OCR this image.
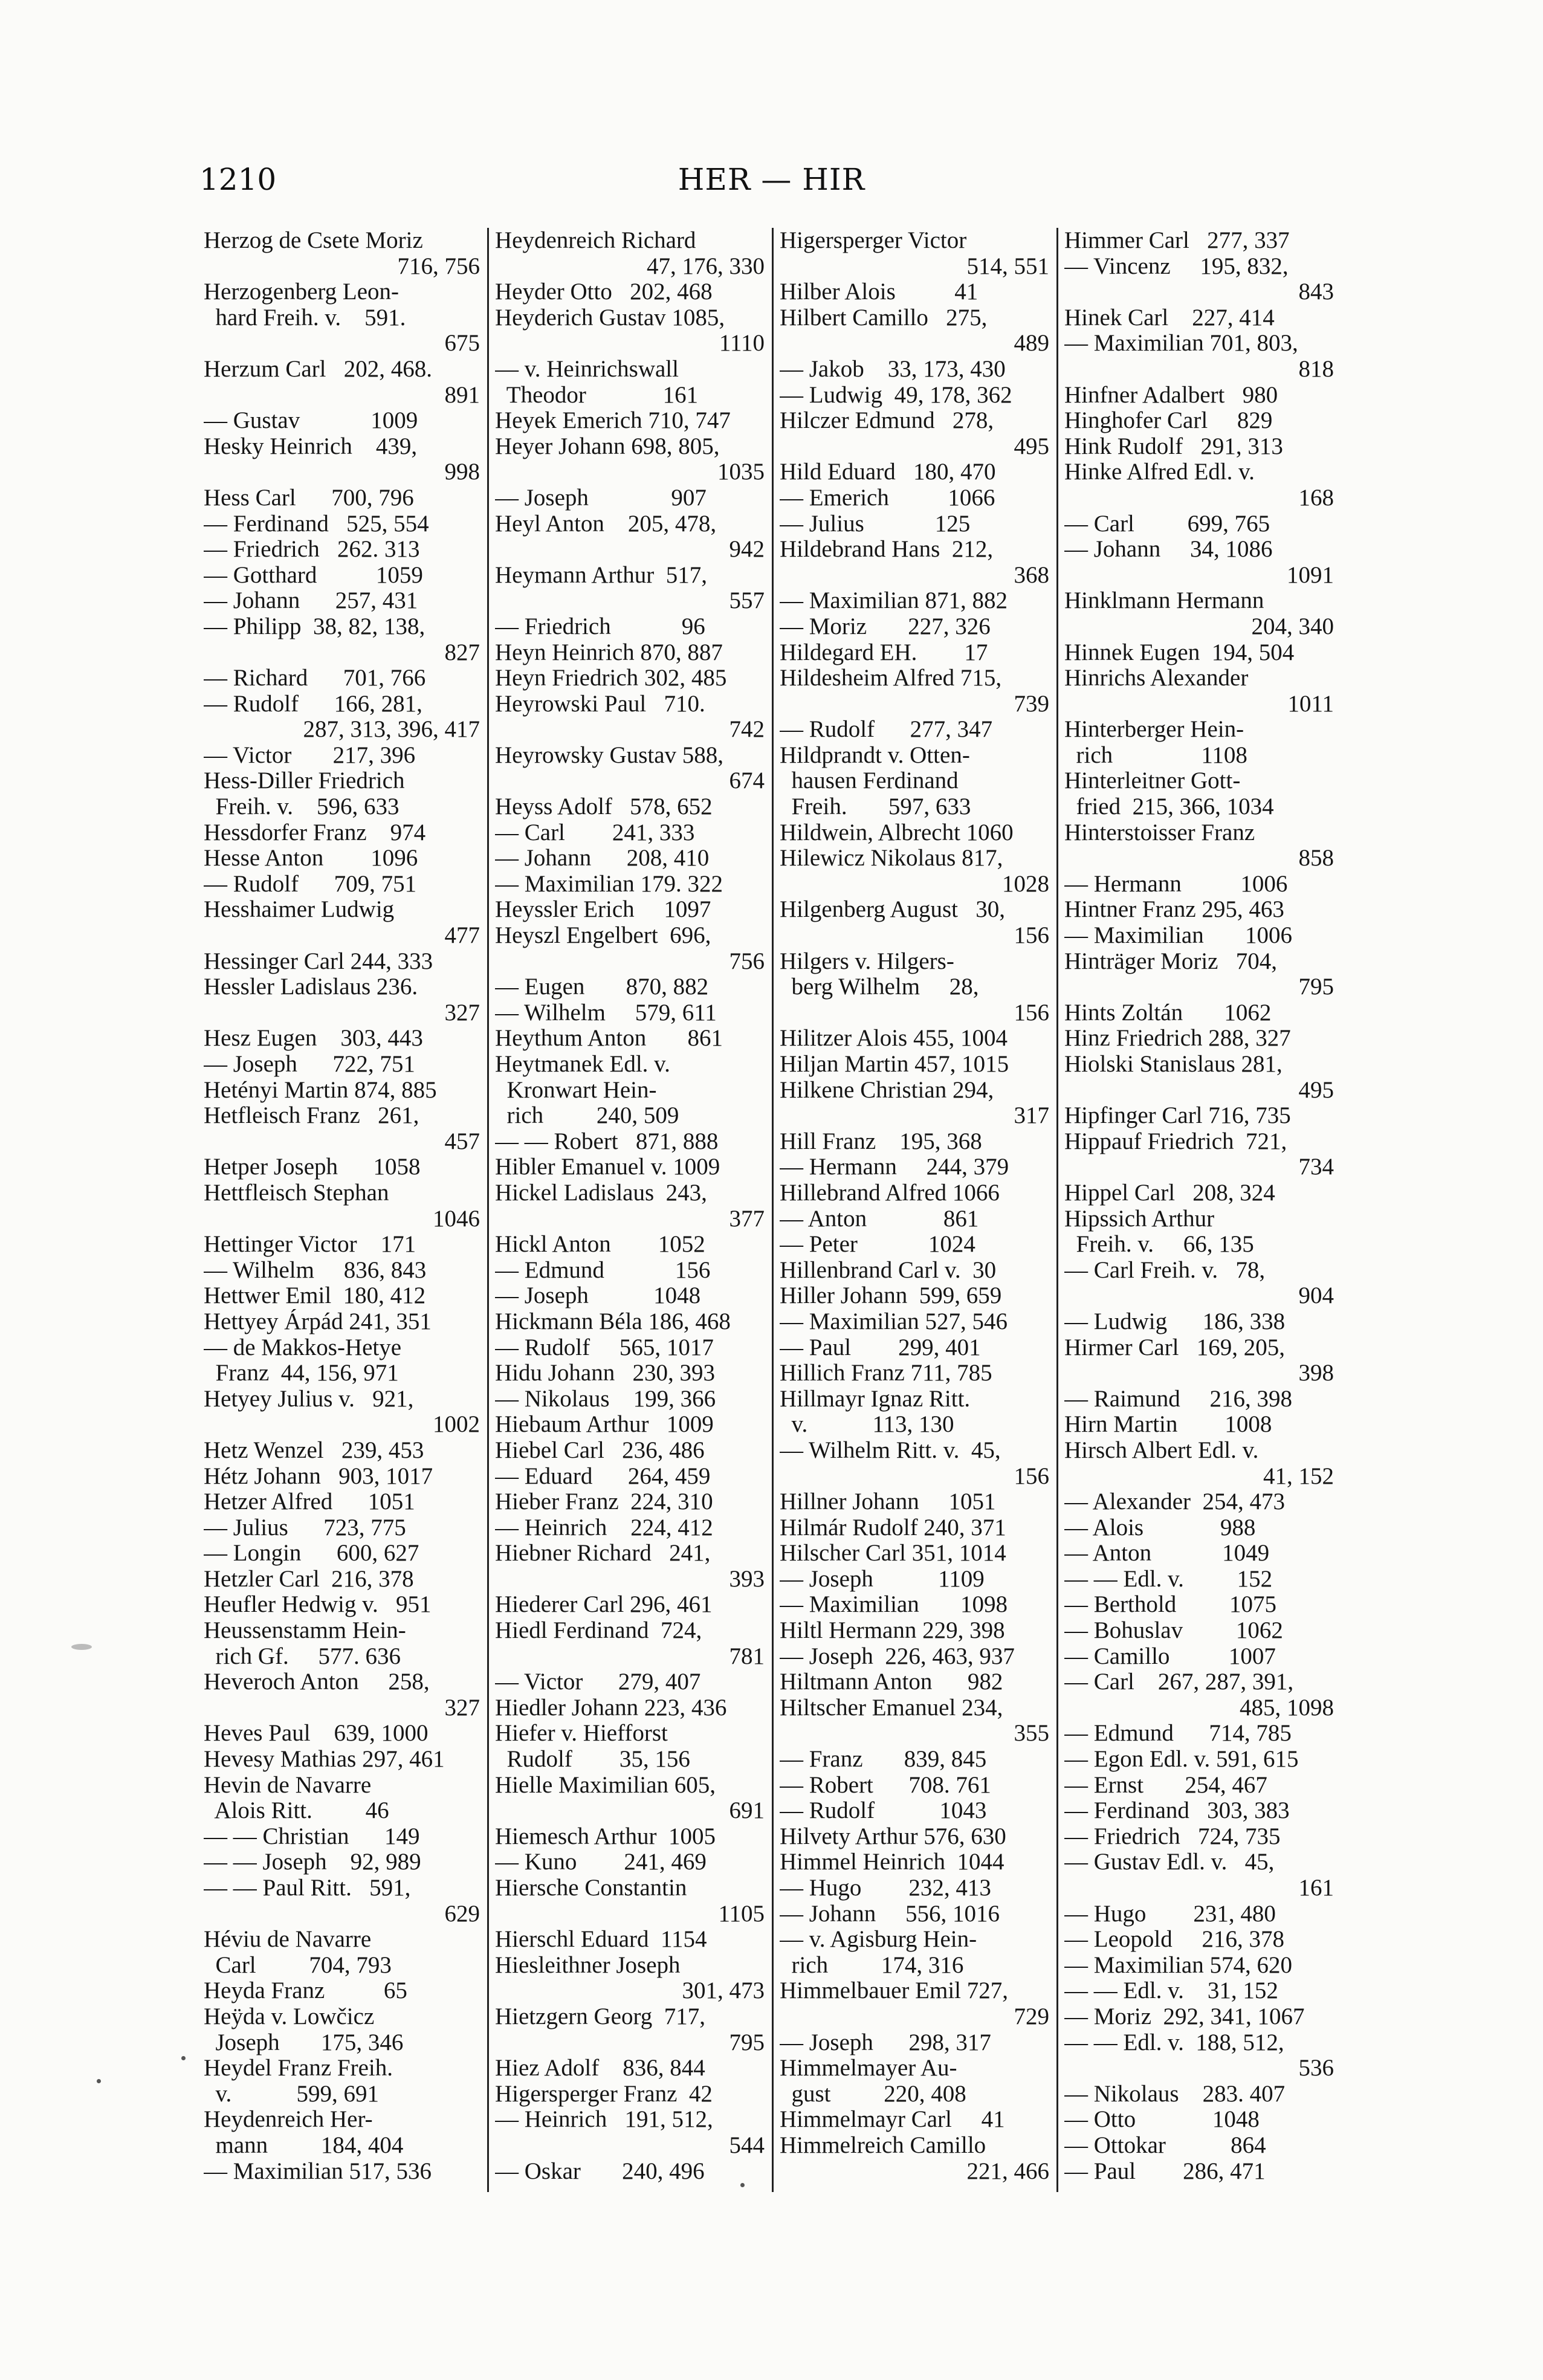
1210	HER — HIR
Herzog de Csete Moriz
716, 756
Herzogenberg Leon-
hard Freih. v.    591.
675
Herzum Carl   202, 468.
891
— Gustav            1009
Hesky Heinrich    439,
998
Hess Carl      700, 796
— Ferdinand   525, 554
— Friedrich   262. 313
— Gotthard          1059
— Johann      257, 431
— Philipp  38, 82, 138,
827
— Richard      701, 766
— Rudolf      166, 281,
287, 313, 396, 417
— Victor       217, 396
Hess-Diller Friedrich
Freih. v.    596, 633
Hessdorfer Franz    974
Hesse Anton        1096
— Rudolf      709, 751
Hesshaimer Ludwig
477
Hessinger Carl 244, 333
Hessler Ladislaus 236.
327
Hesz Eugen    303, 443
— Joseph      722, 751
Hetényi Martin 874, 885
Hetfleisch Franz   261,
457
Hetper Joseph      1058
Hettfleisch Stephan
1046
Hettinger Victor    171
— Wilhelm     836, 843
Hettwer Emil  180, 412
Hettyey Árpád 241, 351
— de Makkos-Hetye
Franz  44, 156, 971
Hetyey Julius v.   921,
1002
Hetz Wenzel   239, 453
Hétz Johann   903, 1017
Hetzer Alfred      1051
— Julius      723, 775
— Longin      600, 627
Hetzler Carl  216, 378
Heufler Hedwig v.   951
Heussenstamm Hein-
rich Gf.     577. 636
Heveroch Anton     258,
327
Heves Paul    639, 1000
Hevesy Mathias 297, 461
Hevin de Navarre
Alois Ritt.         46
— — Christian      149
— — Joseph    92, 989
— — Paul Ritt.   591,
629
Héviu de Navarre
Carl         704, 793
Heyda Franz          65
Heÿda v. Lowčicz
Joseph       175, 346
Heydel Franz Freih.
v.           599, 691
Heydenreich Her-
mann         184, 404
— Maximilian 517, 536
Heydenreich Richard
47, 176, 330
Heyder Otto   202, 468
Heyderich Gustav 1085,
1110
— v. Heinrichswall
Theodor             161
Heyek Emerich 710, 747
Heyer Johann 698, 805,
1035
— Joseph              907
Heyl Anton    205, 478,
942
Heymann Arthur  517,
557
— Friedrich            96
Heyn Heinrich 870, 887
Heyn Friedrich 302, 485
Heyrowski Paul   710.
742
Heyrowsky Gustav 588,
674
Heyss Adolf   578, 652
— Carl        241, 333
— Johann      208, 410
— Maximilian 179. 322
Heyssler Erich     1097
Heyszl Engelbert  696,
756
— Eugen       870, 882
— Wilhelm     579, 611
Heythum Anton       861
Heytmanek Edl. v.
Kronwart Hein-
rich         240, 509
— — Robert   871, 888
Hibler Emanuel v. 1009
Hickel Ladislaus  243,
377
Hickl Anton        1052
— Edmund            156
— Joseph           1048
Hickmann Béla 186, 468
— Rudolf     565, 1017
Hidu Johann   230, 393
— Nikolaus    199, 366
Hiebaum Arthur   1009
Hiebel Carl   236, 486
— Eduard      264, 459
Hieber Franz  224, 310
— Heinrich    224, 412
Hiebner Richard   241,
393
Hiederer Carl 296, 461
Hiedl Ferdinand  724,
781
— Victor      279, 407
Hiedler Johann 223, 436
Hiefer v. Hiefforst
Rudolf        35, 156
Hielle Maximilian 605,
691
Hiemesch Arthur  1005
— Kuno        241, 469
Hiersche Constantin
1105
Hierschl Eduard  1154
Hiesleithner Joseph
301, 473
Hietzgern Georg  717,
795
Hiez Adolf    836, 844
Higersperger Franz  42
— Heinrich   191, 512,
544
— Oskar       240, 496
Higersperger Victor
514, 551
Hilber Alois          41
Hilbert Camillo   275,
489
— Jakob    33, 173, 430
— Ludwig  49, 178, 362
Hilczer Edmund   278,
495
Hild Eduard   180, 470
— Emerich          1066
— Julius            125
Hildebrand Hans  212,
368
— Maximilian 871, 882
— Moriz       227, 326
Hildegard EH.        17
Hildesheim Alfred 715,
739
— Rudolf      277, 347
Hildprandt v. Otten-
hausen Ferdinand
Freih.       597, 633
Hildwein, Albrecht 1060
Hilewicz Nikolaus 817,
1028
Hilgenberg August   30,
156
Hilgers v. Hilgers-
berg Wilhelm     28,
156
Hilitzer Alois 455, 1004
Hiljan Martin 457, 1015
Hilkene Christian 294,
317
Hill Franz    195, 368
— Hermann     244, 379
Hillebrand Alfred 1066
— Anton             861
— Peter            1024
Hillenbrand Carl v.  30
Hiller Johann  599, 659
— Maximilian 527, 546
— Paul        299, 401
Hillich Franz 711, 785
Hillmayr Ignaz Ritt.
v.           113, 130
— Wilhelm Ritt. v.  45,
156
Hillner Johann     1051
Hilmár Rudolf 240, 371
Hilscher Carl 351, 1014
— Joseph           1109
— Maximilian       1098
Hiltl Hermann 229, 398
— Joseph  226, 463, 937
Hiltmann Anton      982
Hiltscher Emanuel 234,
355
— Franz       839, 845
— Robert      708. 761
— Rudolf           1043
Hilvety Arthur 576, 630
Himmel Heinrich  1044
— Hugo        232, 413
— Johann     556, 1016
— v. Agisburg Hein-
rich         174, 316
Himmelbauer Emil 727,
729
— Joseph      298, 317
Himmelmayer Au-
gust         220, 408
Himmelmayr Carl     41
Himmelreich Camillo
221, 466
Himmer Carl   277, 337
— Vincenz     195, 832,
843
Hinek Carl    227, 414
— Maximilian 701, 803,
818
Hinfner Adalbert   980
Hinghofer Carl     829
Hink Rudolf   291, 313
Hinke Alfred Edl. v.
168
— Carl         699, 765
— Johann     34, 1086
1091
Hinklmann Hermann
204, 340
Hinnek Eugen  194, 504
Hinrichs Alexander
1011
Hinterberger Hein-
rich               1108
Hinterleitner Gott-
fried  215, 366, 1034
Hinterstoisser Franz
858
— Hermann          1006
Hintner Franz 295, 463
— Maximilian       1006
Hinträger Moriz   704,
795
Hints Zoltán       1062
Hinz Friedrich 288, 327
Hiolski Stanislaus 281,
495
Hipfinger Carl 716, 735
Hippauf Friedrich  721,
734
Hippel Carl   208, 324
Hipssich Arthur
Freih. v.     66, 135
— Carl Freih. v.   78,
904
— Ludwig      186, 338
Hirmer Carl   169, 205,
398
— Raimund     216, 398
Hirn Martin        1008
Hirsch Albert Edl. v.
41, 152
— Alexander  254, 473
— Alois             988
— Anton            1049
— — Edl. v.         152
— Berthold         1075
— Bohuslav         1062
— Camillo          1007
— Carl    267, 287, 391,
485, 1098
— Edmund      714, 785
— Egon Edl. v. 591, 615
— Ernst       254, 467
— Ferdinand   303, 383
— Friedrich   724, 735
— Gustav Edl. v.   45,
161
— Hugo        231, 480
— Leopold     216, 378
— Maximilian 574, 620
— — Edl. v.    31, 152
— Moriz  292, 341, 1067
— — Edl. v.  188, 512,
536
— Nikolaus    283. 407
— Otto             1048
— Ottokar           864
— Paul        286, 471
